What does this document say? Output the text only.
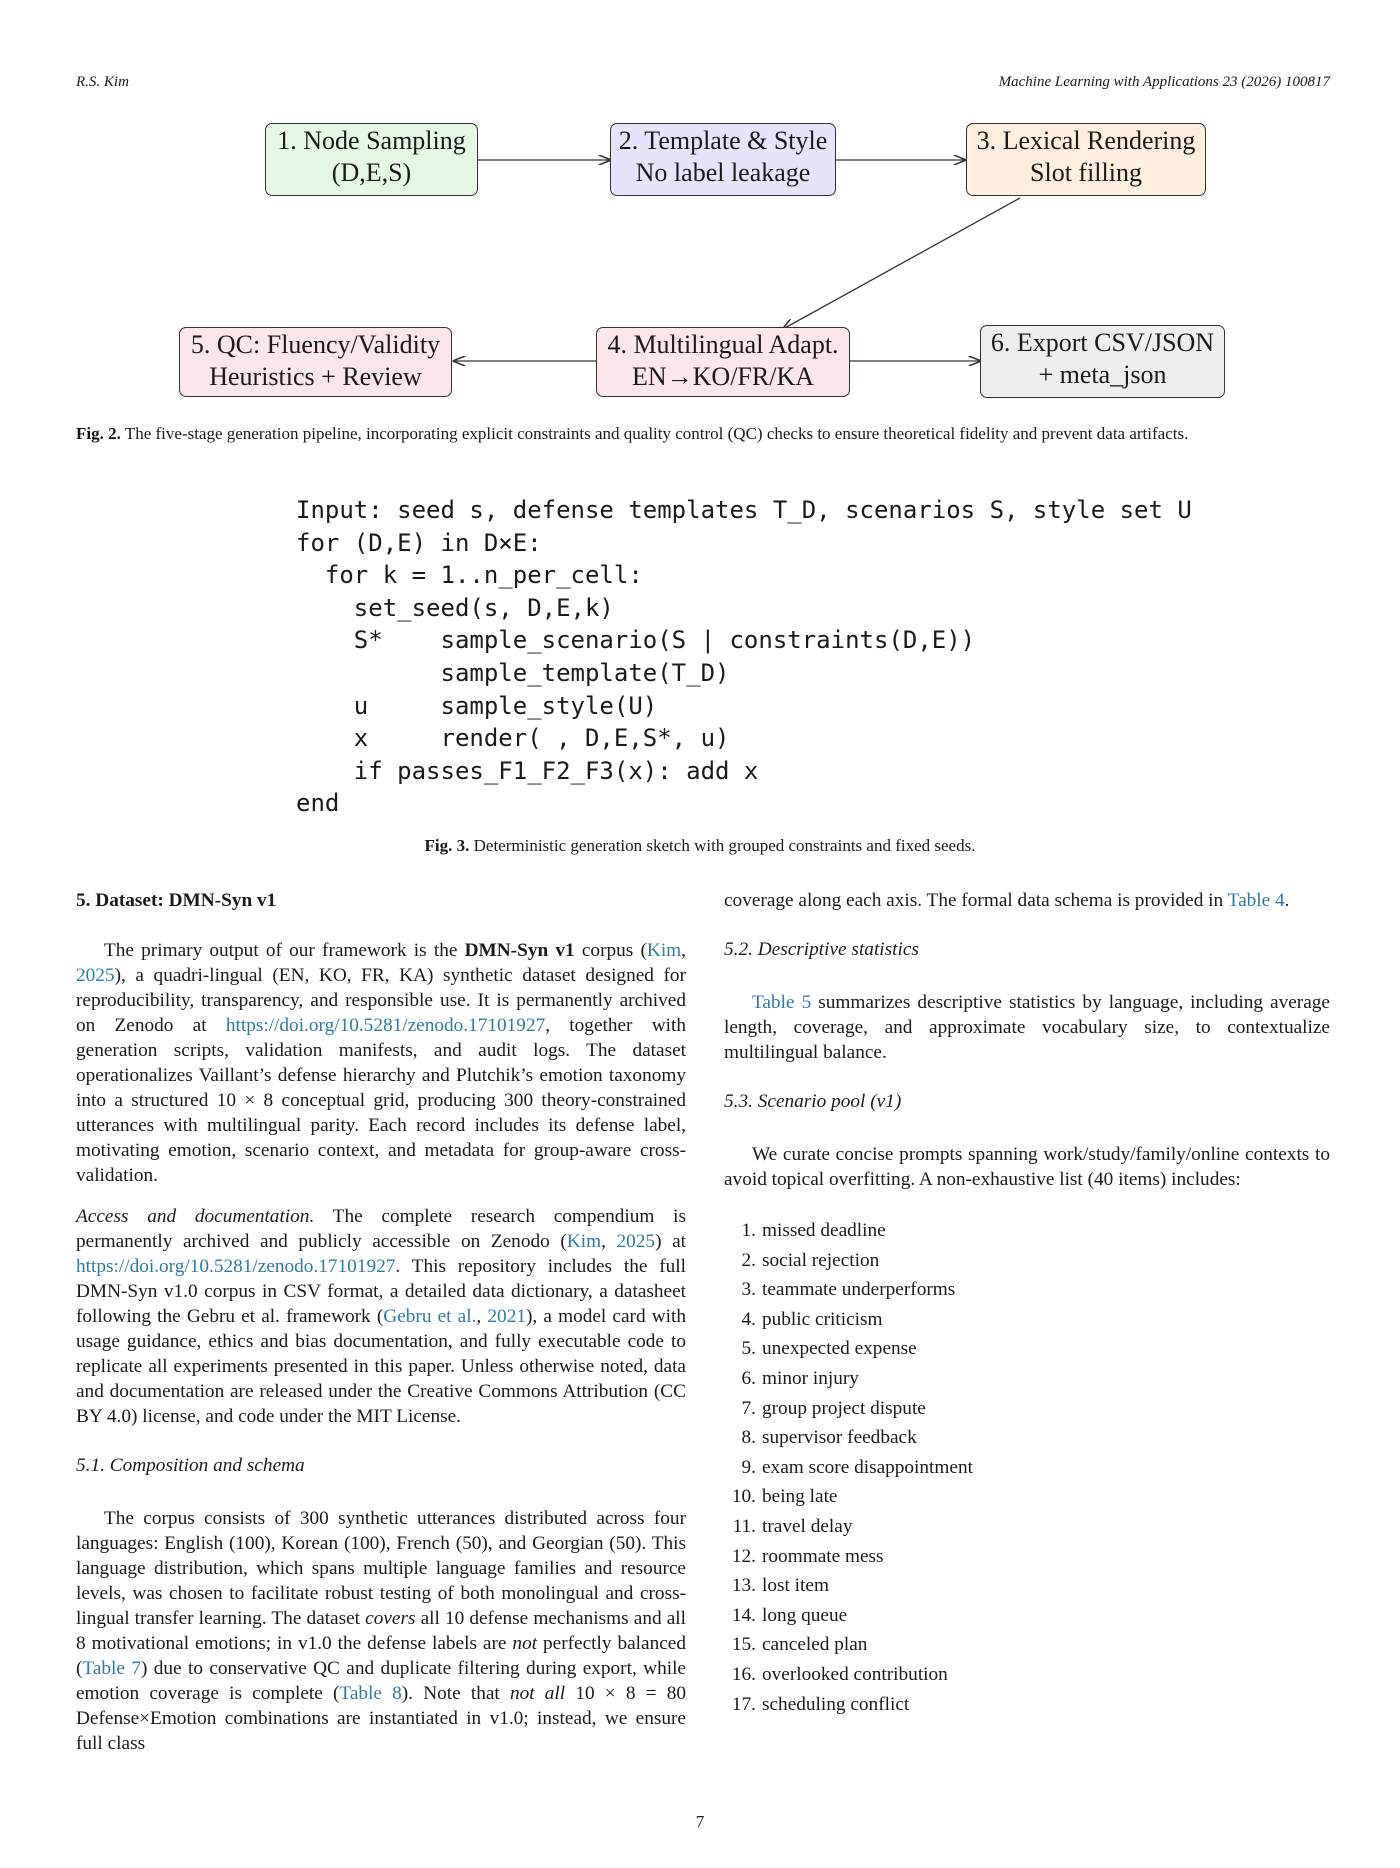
R.S. Kim	Machine Learning with Applications 23 (2026) 100817
1. Node Sampling
(D,E,S)
2. Template & Style
No label leakage
3. Lexical Rendering
Slot filling
4. Multilingual Adapt.
EN→KO/FR/KA
5. QC: Fluency/Validity
Heuristics + Review
6. Export CSV/JSON
+ meta_json
Fig. 2. The five-stage generation pipeline, incorporating explicit constraints and quality control (QC) checks to ensure theoretical fidelity and prevent data artifacts.
Input: seed s, defense templates T_D, scenarios S, style set U
for (D,E) in D×E:
for k = 1..n_per_cell:
set_seed(s, D,E,k)
S*    sample_scenario(S | constraints(D,E))
sample_template(T_D)
u     sample_style(U)
x     render( , D,E,S*, u)
if passes_F1_F2_F3(x): add x
end
Fig. 3. Deterministic generation sketch with grouped constraints and fixed seeds.
5. Dataset: DMN-Syn v1

The primary output of our framework is the DMN-Syn v1 corpus (Kim, 2025), a quadri-lingual (EN, KO, FR, KA) synthetic dataset designed for reproducibility, transparency, and responsible use. It is permanently archived on Zenodo at https://doi.org/10.5281/zenodo.17101927, together with generation scripts, validation manifests, and audit logs. The dataset operationalizes Vaillant’s defense hierarchy and Plutchik’s emotion taxonomy into a structured 10 × 8 conceptual grid, producing 300 theory-constrained utterances with multilingual parity. Each record includes its defense label, motivating emotion, scenario context, and metadata for group-aware cross-validation.

Access and documentation. The complete research compendium is permanently archived and publicly accessible on Zenodo (Kim, 2025) at https://doi.org/10.5281/zenodo.17101927. This repository includes the full DMN-Syn v1.0 corpus in CSV format, a detailed data dictionary, a datasheet following the Gebru et al. framework (Gebru et al., 2021), a model card with usage guidance, ethics and bias documentation, and fully executable code to replicate all experiments presented in this paper. Unless otherwise noted, data and documentation are released under the Creative Commons Attribution (CC BY 4.0) license, and code under the MIT License.

5.1. Composition and schema

The corpus consists of 300 synthetic utterances distributed across four languages: English (100), Korean (100), French (50), and Georgian (50). This language distribution, which spans multiple language families and resource levels, was chosen to facilitate robust testing of both monolingual and cross-lingual transfer learning. The dataset covers all 10 defense mechanisms and all 8 motivational emotions; in v1.0 the defense labels are not perfectly balanced (Table 7) due to conservative QC and duplicate filtering during export, while emotion coverage is complete (Table 8). Note that not all 10 × 8 = 80 Defense×Emotion combinations are instantiated in v1.0; instead, we ensure full class

coverage along each axis. The formal data schema is provided in Table 4.

5.2. Descriptive statistics

Table 5 summarizes descriptive statistics by language, including average length, coverage, and approximate vocabulary size, to contextualize multilingual balance.

5.3. Scenario pool (v1)

We curate concise prompts spanning work/study/family/online contexts to avoid topical overfitting. A non-exhaustive list (40 items) includes:

1. missed deadline
2. social rejection
3. teammate underperforms
4. public criticism
5. unexpected expense
6. minor injury
7. group project dispute
8. supervisor feedback
9. exam score disappointment
10. being late
11. travel delay
12. roommate mess
13. lost item
14. long queue
15. canceled plan
16. overlooked contribution
17. scheduling conflict
7
